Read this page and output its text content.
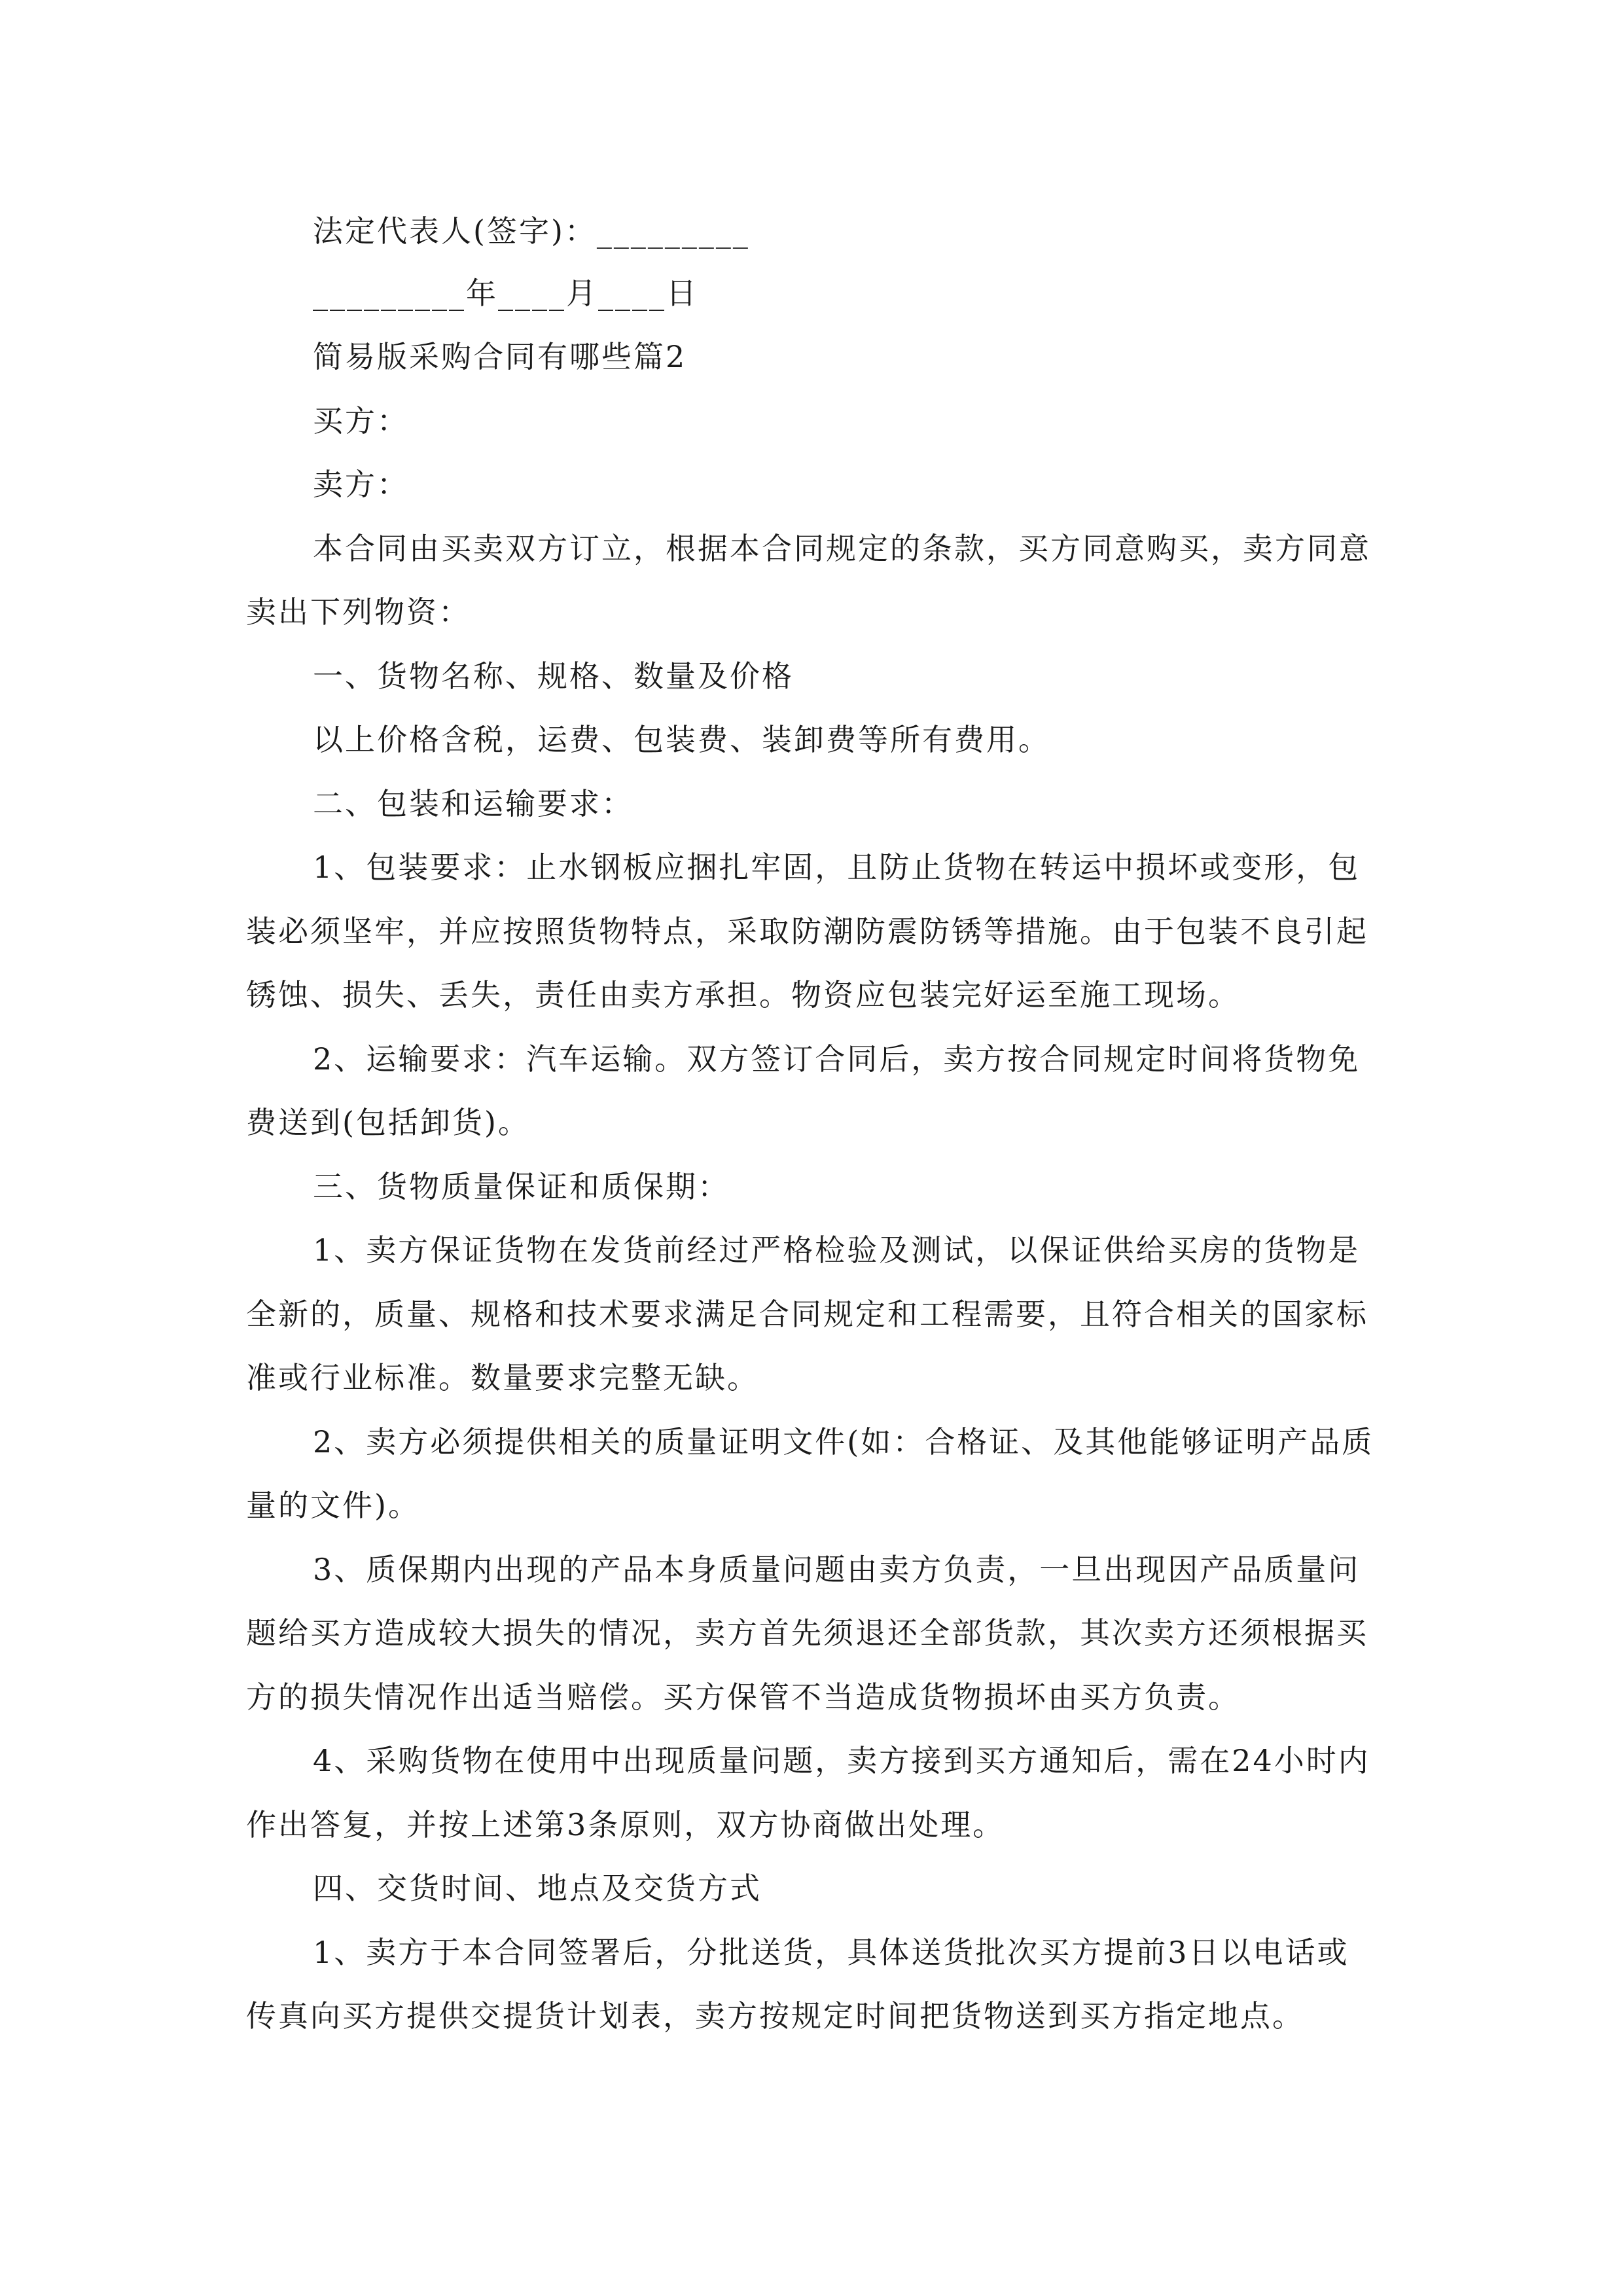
法定代表人(签字)：_________

_________年____月____日

简易版采购合同有哪些篇2

买方：

卖方：

本合同由买卖双方订立，根据本合同规定的条款，买方同意购买，卖方同意

卖出下列物资：

一、货物名称、规格、数量及价格

以上价格含税，运费、包装费、装卸费等所有费用。

二、包装和运输要求：

1、包装要求：止水钢板应捆扎牢固，且防止货物在转运中损坏或变形，包

装必须坚牢，并应按照货物特点，采取防潮防震防锈等措施。由于包装不良引起

锈蚀、损失、丢失，责任由卖方承担。物资应包装完好运至施工现场。

2、运输要求：汽车运输。双方签订合同后，卖方按合同规定时间将货物免

费送到(包括卸货)。

三、货物质量保证和质保期：

1、卖方保证货物在发货前经过严格检验及测试，以保证供给买房的货物是

全新的，质量、规格和技术要求满足合同规定和工程需要，且符合相关的国家标

准或行业标准。数量要求完整无缺。

2、卖方必须提供相关的质量证明文件(如：合格证、及其他能够证明产品质

量的文件)。

3、质保期内出现的产品本身质量问题由卖方负责，一旦出现因产品质量问

题给买方造成较大损失的情况，卖方首先须退还全部货款，其次卖方还须根据买

方的损失情况作出适当赔偿。买方保管不当造成货物损坏由买方负责。

4、采购货物在使用中出现质量问题，卖方接到买方通知后，需在24小时内

作出答复，并按上述第3条原则，双方协商做出处理。

四、交货时间、地点及交货方式

1、卖方于本合同签署后，分批送货，具体送货批次买方提前3日以电话或

传真向买方提供交提货计划表，卖方按规定时间把货物送到买方指定地点。
